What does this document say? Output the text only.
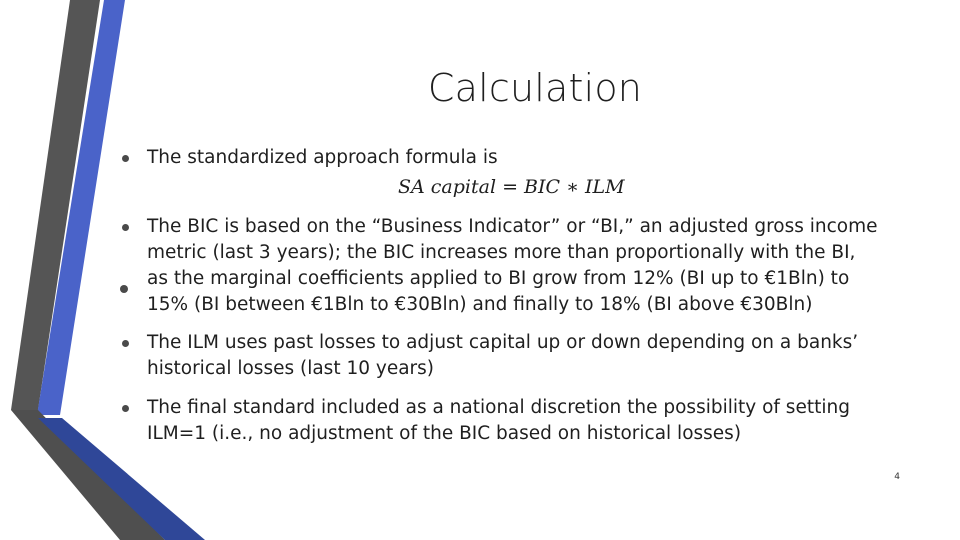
Calculation
The standardized approach formula is
SA capital = BIC ∗ ILM
The BIC is based on the “Business Indicator” or “BI,” an adjusted gross income metric (last 3 years); the BIC increases more than proportionally with the BI, as the marginal coefficients applied to BI grow from 12% (BI up to €1Bln) to 15% (BI between €1Bln to €30Bln) and finally to 18% (BI above €30Bln)
The ILM uses past losses to adjust capital up or down depending on a banks’ historical losses (last 10 years)
The final standard included as a national discretion the possibility of setting ILM=1 (i.e., no adjustment of the BIC based on historical losses)
4
